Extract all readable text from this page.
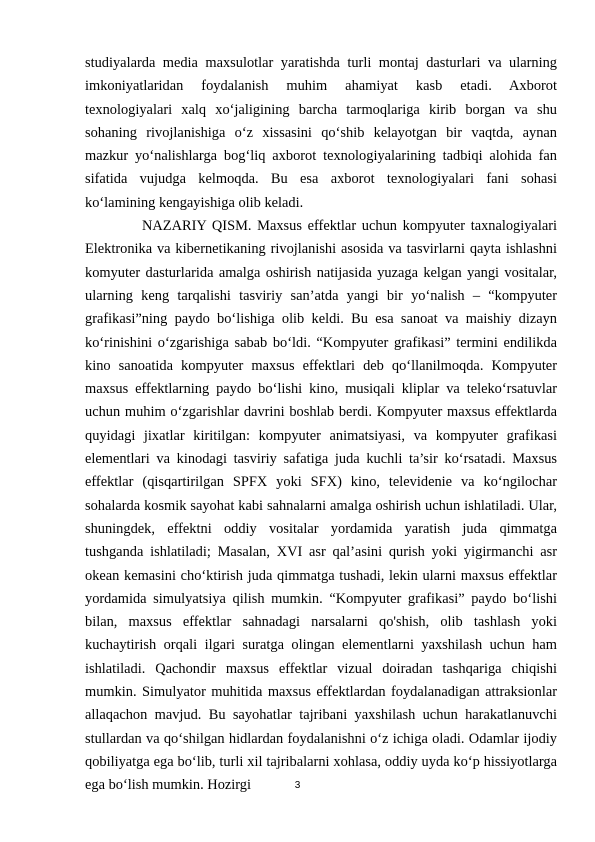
studiyalarda media maxsulotlar yaratishda turli montaj dasturlari va ularning imkoniyatlaridan foydalanish muhim ahamiyat kasb etadi. Axborot texnologiyalari xalq xo‘jaligining barcha tarmoqlariga kirib borgan va shu sohaning rivojlanishiga o‘z xissasini qo‘shib kelayotgan bir vaqtda, aynan mazkur yo‘nalishlarga bog‘liq axborot texnologiyalarining tadbiqi alohida fan sifatida vujudga kelmoqda. Bu esa axborot texnologiyalari fani sohasi ko‘lamining kengayishiga olib keladi.

NAZARIY QISM. Maxsus effektlar uchun kompyuter taxnalogiyalari Elektronika va kibernetikaning rivojlanishi asosida va tasvirlarni qayta ishlashni komyuter dasturlarida amalga oshirish natijasida yuzaga kelgan yangi vositalar, ularning keng tarqalishi tasviriy san’atda yangi bir yo‘nalish – “kompyuter grafikasi”ning paydo bo‘lishiga olib keldi. Bu esa sanoat va maishiy dizayn ko‘rinishini o‘zgarishiga sabab bo‘ldi. “Kompyuter grafikasi” termini endilikda kino sanoatida kompyuter maxsus effektlari deb qo‘llanilmoqda. Kompyuter maxsus effektlarning paydo bo‘lishi kino, musiqali kliplar va teleko‘rsatuvlar uchun muhim o‘zgarishlar davrini boshlab berdi. Kompyuter maxsus effektlarda quyidagi jixatlar kiritilgan: kompyuter animatsiyasi, va kompyuter grafikasi elementlari va kinodagi tasviriy safatiga juda kuchli ta’sir ko‘rsatadi. Maxsus effektlar (qisqartirilgan SPFX yoki SFX) kino, televidenie va ko‘ngilochar sohalarda kosmik sayohat kabi sahnalarni amalga oshirish uchun ishlatiladi. Ular, shuningdek, effektni oddiy vositalar yordamida yaratish juda qimmatga tushganda ishlatiladi; Masalan, XVI asr qal’asini qurish yoki yigirmanchi asr okean kemasini cho‘ktirish juda qimmatga tushadi, lekin ularni maxsus effektlar yordamida simulyatsiya qilish mumkin. “Kompyuter grafikasi” paydo bo‘lishi bilan, maxsus effektlar sahnadagi narsalarni qo'shish, olib tashlash yoki kuchaytirish orqali ilgari suratga olingan elementlarni yaxshilash uchun ham ishlatiladi. Qachondir maxsus effektlar vizual doiradan tashqariga chiqishi mumkin. Simulyator muhitida maxsus effektlardan foydalanadigan attraksionlar allaqachon mavjud. Bu sayohatlar tajribani yaxshilash uchun harakatlanuvchi stullardan va qo‘shilgan hidlardan foydalanishni o‘z ichiga oladi. Odamlar ijodiy qobiliyatga ega bo‘lib, turli xil tajribalarni xohlasa, oddiy uyda ko‘p hissiyotlarga ega bo‘lish mumkin. Hozirgi	3
